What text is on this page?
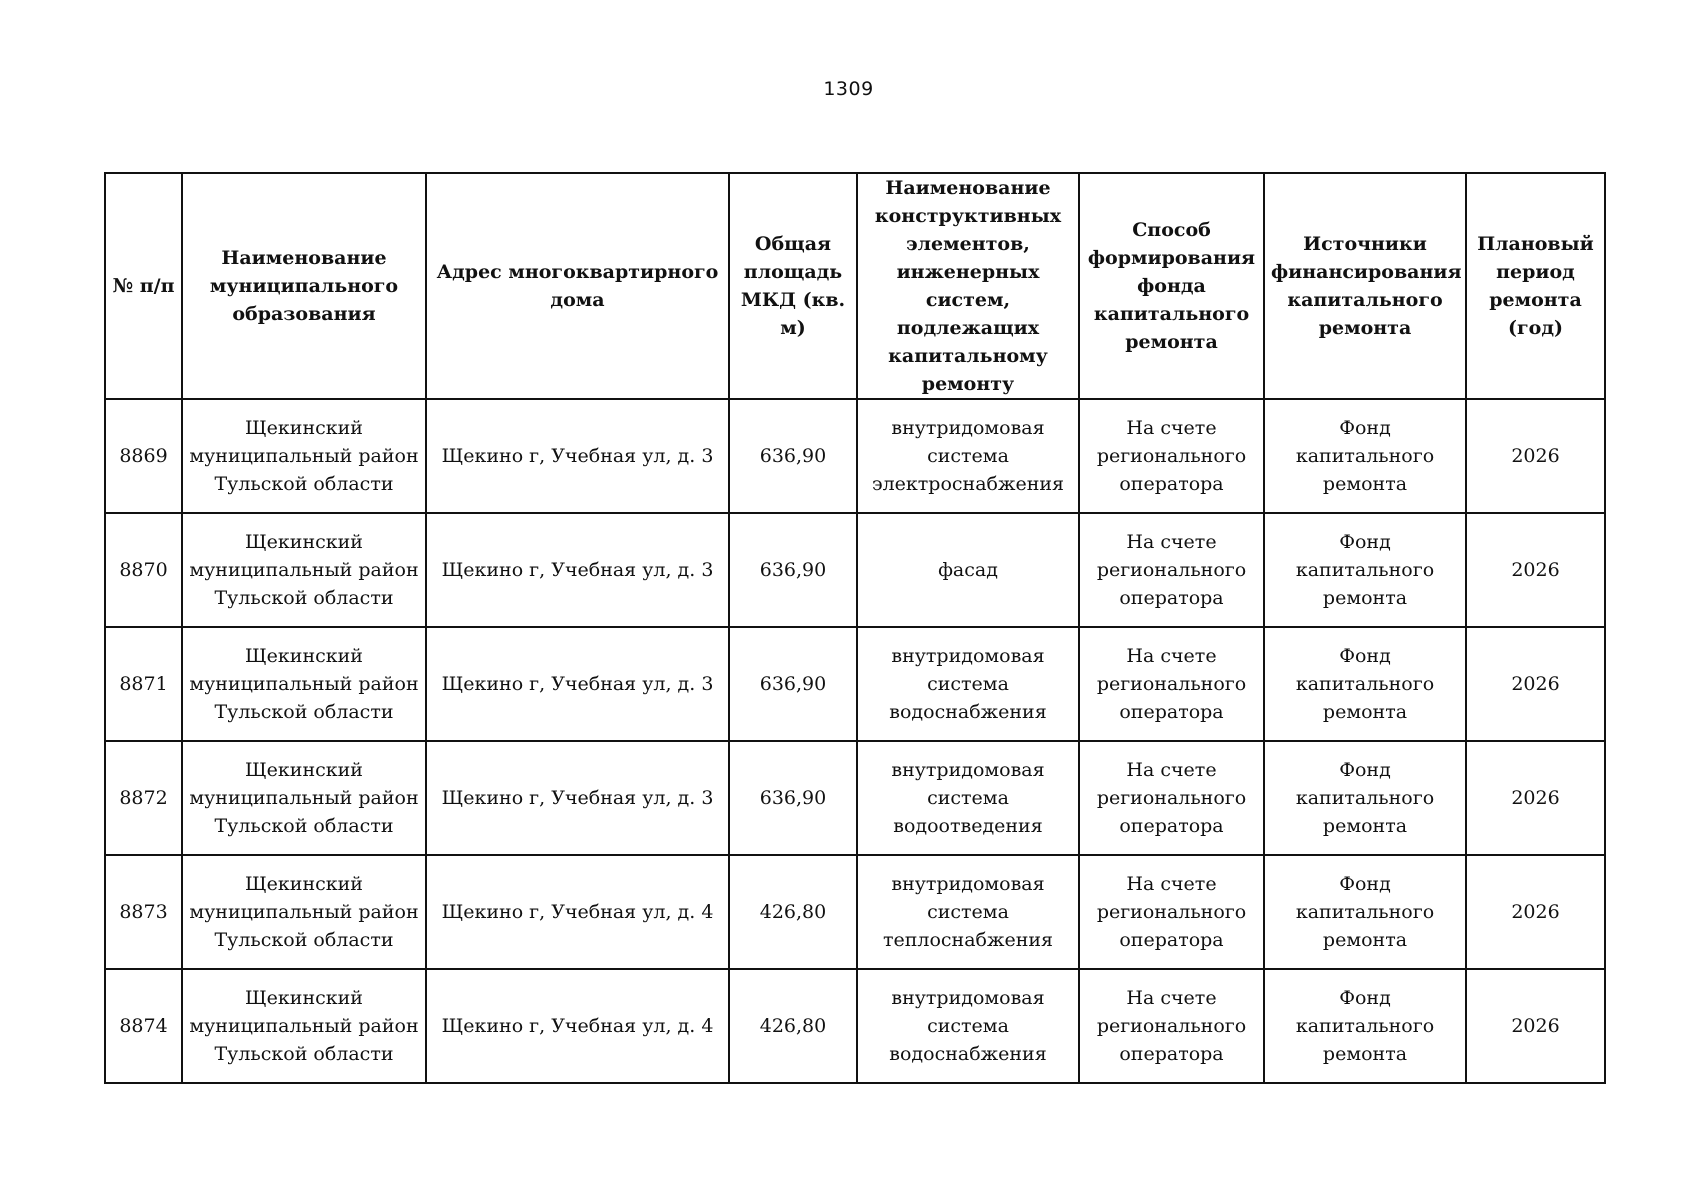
1309
№ п/п	Наименование муниципального образования	Адрес многоквартирного дома	Общая площадь МКД (кв. м)	Наименование конструктивных элементов, инженерных систем, подлежащих капитальному ремонту	Способ формирования фонда капитального ремонта	Источники финансирования капитального ремонта	Плановый период ремонта (год)
8869	Щекинский муниципальный район Тульской области	Щекино г, Учебная ул, д. 3	636,90	внутридомовая система электроснабжения	На счете регионального оператора	Фонд капитального ремонта	2026
8870	Щекинский муниципальный район Тульской области	Щекино г, Учебная ул, д. 3	636,90	фасад	На счете регионального оператора	Фонд капитального ремонта	2026
8871	Щекинский муниципальный район Тульской области	Щекино г, Учебная ул, д. 3	636,90	внутридомовая система водоснабжения	На счете регионального оператора	Фонд капитального ремонта	2026
8872	Щекинский муниципальный район Тульской области	Щекино г, Учебная ул, д. 3	636,90	внутридомовая система водоотведения	На счете регионального оператора	Фонд капитального ремонта	2026
8873	Щекинский муниципальный район Тульской области	Щекино г, Учебная ул, д. 4	426,80	внутридомовая система теплоснабжения	На счете регионального оператора	Фонд капитального ремонта	2026
8874	Щекинский муниципальный район Тульской области	Щекино г, Учебная ул, д. 4	426,80	внутридомовая система водоснабжения	На счете регионального оператора	Фонд капитального ремонта	2026
